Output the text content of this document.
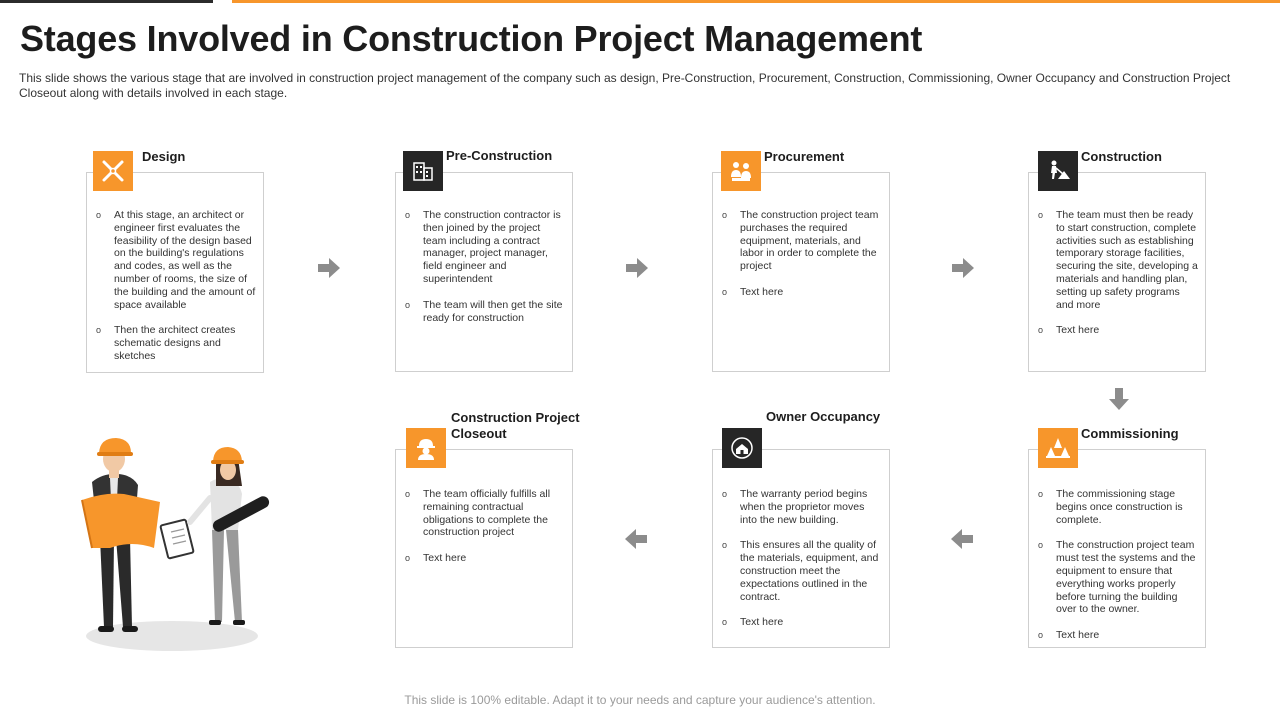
Stages Involved in Construction Project Management

This slide shows the various stage that are involved in construction project management of the company such as design, Pre-Construction, Procurement, Construction, Commissioning, Owner Occupancy and Construction Project Closeout along with details involved in each stage.

o At this stage, an architect or engineer first evaluates the feasibility of the design based on the building's regulations and codes, as well as the number of rooms, the size of the building and the amount of space available
o Then the architect creates schematic designs and sketches

Design

o The construction contractor is then joined by the project team including a contract manager, project manager, field engineer and superintendent
o The team will then get the site ready for construction

Pre-Construction

o The construction project team purchases the required equipment, materials, and labor in order to complete the project
o Text here

Procurement

o The team must then be ready to start construction, complete activities such as establishing temporary storage facilities, securing the site, developing a materials and handling plan, setting up safety programs and more
o Text here

Construction

o The commissioning stage begins once construction is complete.
o The construction project team must test the systems and the equipment to ensure that everything works properly before turning the building over to the owner.
o Text here

Commissioning

o The warranty period begins when the proprietor moves into the new building.
o This ensures all the quality of the materials, equipment, and construction meet the expectations outlined in the contract.
o Text here

Owner Occupancy

o The team officially fulfills all remaining contractual obligations to complete the construction project
o Text here

Construction Project Closeout

This slide is 100% editable. Adapt it to your needs and capture your audience's attention.
